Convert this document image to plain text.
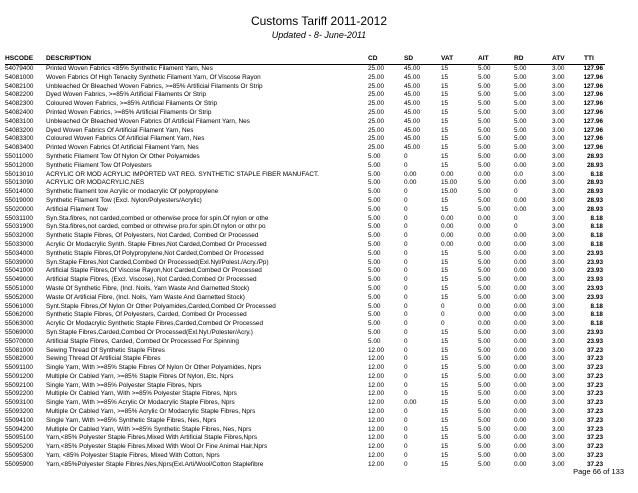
Customs Tariff 2011-2012
Updated - 8- June-2011
HSCODE	DESCRIPTION	CD	SD	VAT	AIT	RD	ATV	TTI
54079400	Printed Woven Fabrics <85% Synthetic Filament Yarn, Nes	25.00	45.00	15	5.00	5.00	3.00	127.96
54081000	Woven Fabrics Of High Tenacity Synthetic Filament Yarn, Of Viscose Rayon	25.00	45.00	15	5.00	5.00	3.00	127.96
54082100	Unbleached Or Bleached Woven Fabrics, >=85% Artificial Filaments Or Strip	25.00	45.00	15	5.00	5.00	3.00	127.96
54082200	Dyed Woven Fabrics, >=85% Artificial Filaments Or Strip	25.00	45.00	15	5.00	5.00	3.00	127.96
54082300	Coloured Woven Fabrics, >=85% Artificial Filaments Or Strip	25.00	45.00	15	5.00	5.00	3.00	127.96
54082400	Printed Woven Fabrics, >=85% Artificial Filaments Or Strip	25.00	45.00	15	5.00	5.00	3.00	127.96
54083100	Unbleached Or Bleached Woven Fabrics Of Artificial Filament Yarn, Nes	25.00	45.00	15	5.00	5.00	3.00	127.96
54083200	Dyed Woven Fabrics Of Artificial Filament Yarn, Nes	25.00	45.00	15	5.00	5.00	3.00	127.96
54083300	Coloured Woven Fabrics Of Artificial Filament Yarn, Nes	25.00	45.00	15	5.00	5.00	3.00	127.96
54083400	Printed Woven Fabrics Of Artificial Filament Yarn, Nes	25.00	45.00	15	5.00	5.00	3.00	127.96
55011000	Synthetic Filament Tow Of Nylon Or Other Polyamides	5.00	0	15	5.00	0.00	3.00	28.93
55012000	Synthetic Filament Tow Of Polyesters	5.00	0	15	5.00	0.00	3.00	28.93
55013010	ACRYLIC OR MOD ACRYLIC IMPORTED VAT REG. SYNTHETIC STAPLE FIBER MANUFACT.	5.00	0.00	0.00	0.00	0.0	3.00	8.18
55013090	ACRYLIC OR MODACRYLIC,NES	5.00	0.00	15.00	5.00	0.00	3.00	28.93
55014000	Synthetic filament tow Acrylic or modacrylic Of polypropylene	5.00	0	15.00	5.00	0	3.00	28.93
55019000	Synthetic Filament Tow (Excl. Nylon/Polyesters/Acrylic)	5.00	0	15	5.00	0.00	3.00	28.93
55020000	Artificial Filament Tow	5.00	0	15	5.00	0.00	3.00	28.93
55031100	Syn.Sta.fibres, not carded,combed or otherwise proce for spin.Of nylon or othe	5.00	0	0.00	0.00	0	3.00	8.18
55031900	Syn.Sta.fibres,not carded, combed or othrwise pro.for spin.Of nylon or othr po	5.00	0	0.00	0.00	0	3.00	8.18
55032000	Synthetic Staple Fibres, Of Polyesters, Not Carded, Combed Or Processed	5.00	0	0.00	0.00	0.00	3.00	8.18
55033000	Acrylic Or Modacrylic Synth. Staple Fibres,Not Carded,Combed Or Processed	5.00	0	0.00	0.00	0.00	3.00	8.18
55034000	Synthetic Staple Fibres,Of Polypropylene,Not Carded,Combed Or Processed	5.00	0	15	5.00	0.00	3.00	23.93
55039000	Syn.Staple Fibres,Not Carded,Combed Or Processed(Exl.Nyl/Polest./Acry./Pp)	5.00	0	15	5.00	0.00	3.00	23.93
55041000	Artificial Staple Fibres,Of Viscose Rayon,Not Carded,Combed Or Processed	5.00	0	15	5.00	0.00	3.00	23.93
55049000	Artificial Staple Fibres, (Excl. Viscose), Not Carded,Combed Or Processed	5.00	0	15	5.00	0.00	3.00	23.93
55051000	Waste Of Synthetic Fibre, (Incl. Noils, Yarn Waste And Garnetted Stock)	5.00	0	15	5.00	0.00	3.00	23.93
55052000	Waste Of Artificial Fibre, (Incl. Noils, Yarn Waste And Garnetted Stock)	5.00	0	15	5.00	0.00	3.00	23.93
55061000	Synt.Staple Fibres,Of Nylon Or Other Polyamides,Carded,Combed Or Processed	5.00	0	0	0.00	0.00	3.00	8.18
55062000	Synthetic Staple Fibres, Of Polyesters, Carded, Combed Or Processed	5.00	0	0	0.00	0.00	3.00	8.18
55063000	Acrylic Or Modacrylic Synthetic Staple Fibres,Carded,Combed Or Processed	5.00	0	0	0.00	0.00	3.00	8.18
55069000	Syn.Staple Fibres,Carded,Combed Or Processed(Exl.Nyl./Polester/Acry.)	5.00	0	15	5.00	0.00	3.00	23.93
55070000	Artificial Staple Fibres, Carded, Combed Or Processed For Spinning	5.00	0	15	5.00	0.00	3.00	23.93
55081000	Sewing Thread Of Synthetic Staple Fibres	12.00	0	15	5.00	0.00	3.00	37.23
55082000	Sewing Thread Of Artificial Staple Fibres	12.00	0	15	5.00	0.00	3.00	37.23
55091100	Single Yarn, With >=85% Staple Fibres Of Nylon Or Other Polyamides, Nprs	12.00	0	15	5.00	0.00	3.00	37.23
55091200	Multiple Or Cabled Yarn, >=85% Staple Fibres Of Nylon, Etc, Nprs	12.00	0	15	5.00	0.00	3.00	37.23
55092100	Single Yarn, With >=85% Polyester Staple Fibres, Nprs	12.00	0	15	5.00	0.00	3.00	37.23
55092200	Multiple Or Cabled Yarn, With >=85% Polyester Staple Fibres, Nprs	12.00	0	15	5.00	0.00	3.00	37.23
55093100	Single Yarn, With >=85% Acrylic Or Modacrylic Staple Fibres, Nprs	12.00	0.00	15	5.00	0.00	3.00	37.23
55093200	Multiple Or Cabled Yarn, >=85% Acrylic Or Modacrylic Staple Fibres, Nprs	12.00	0	15	5.00	0.00	3.00	37.23
55094100	Single Yarn, With >=85% Synthetic Staple Fibres, Nes, Nprs	12.00	0	15	5.00	0.00	3.00	37.23
55094200	Multiple Or Cabled Yarn, With >=85% Synthetic Staple Fibres, Nes, Nprs	12.00	0	15	5.00	0.00	3.00	37.23
55095100	Yarn,<85% Polyester Staple Fibres,Mixed With Artificial Staple Fibres,Nprs	12.00	0	15	5.00	0.00	3.00	37.23
55095200	Yarn,<85% Polyester Staple Fibres,Mixed With Wool Or Fine Animal Hair,Nprs	12.00	0	15	5.00	0.00	3.00	37.23
55095300	Yarn, <85% Polyester Staple Fibres, Mixed With Cotton, Nprs	12.00	0	15	5.00	0.00	3.00	37.23
55095900	Yarn,<85%Polyester Staple Fibres,Nes,Nprs(Exl.Arti/Wool/Cotton Staplefibre	12.00	0	15	5.00	0.00	3.00	37.23
Page 66 of 133
